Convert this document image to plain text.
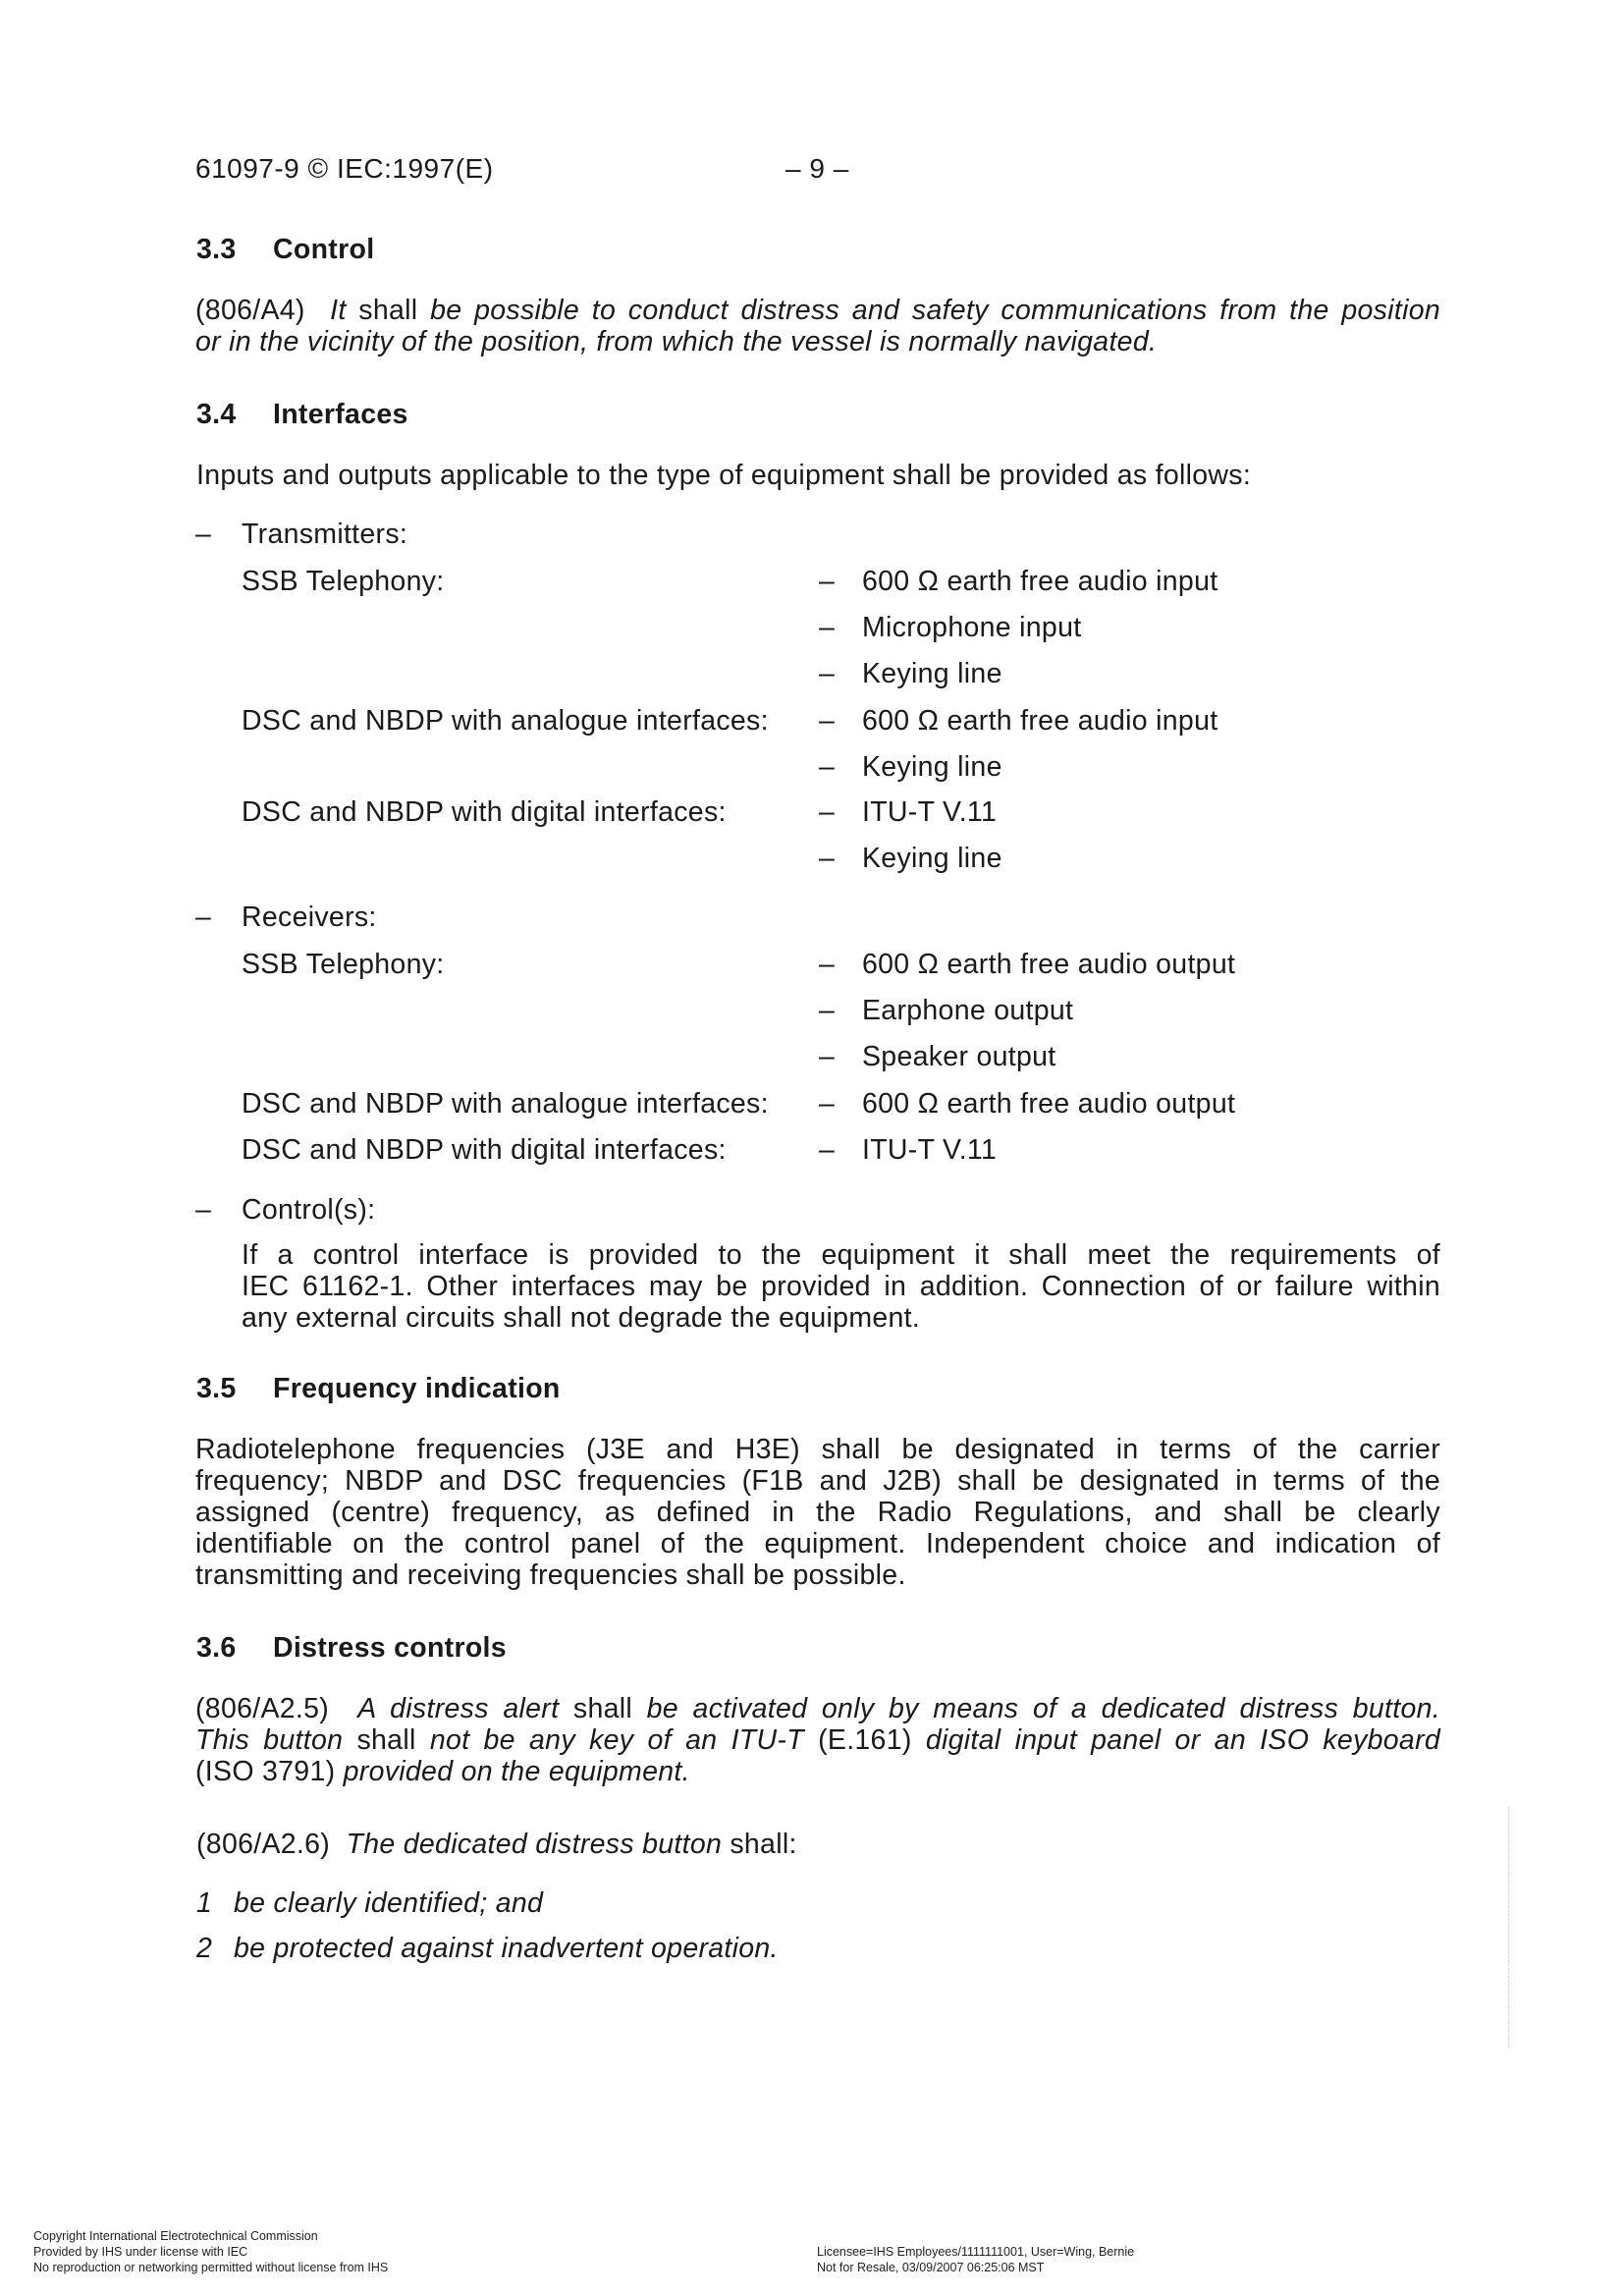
61097-9 © IEC:1997(E)	– 9 –
3.3 Control
(806/A4) It shall be possible to conduct distress and safety communications from the position
or in the vicinity of the position, from which the vessel is normally navigated.
3.4 Interfaces
Inputs and outputs applicable to the type of equipment shall be provided as follows:
– Transmitters:
SSB Telephony:	– 600 Ω earth free audio input
– Microphone input
– Keying line
DSC and NBDP with analogue interfaces: – 600 Ω earth free audio input
– Keying line
DSC and NBDP with digital interfaces:	– ITU-T V.11
– Keying line
– Receivers:
SSB Telephony:	– 600 Ω earth free audio output
– Earphone output
– Speaker output
DSC and NBDP with analogue interfaces: – 600 Ω earth free audio output
DSC and NBDP with digital interfaces:	– ITU-T V.11
– Control(s):
If a control interface is provided to the equipment it shall meet the requirements of
IEC 61162-1. Other interfaces may be provided in addition. Connection of or failure within
any external circuits shall not degrade the equipment.
3.5 Frequency indication
Radiotelephone frequencies (J3E and H3E) shall be designated in terms of the carrier
frequency; NBDP and DSC frequencies (F1B and J2B) shall be designated in terms of the
assigned (centre) frequency, as defined in the Radio Regulations, and shall be clearly
identifiable on the control panel of the equipment. Independent choice and indication of
transmitting and receiving frequencies shall be possible.
3.6 Distress controls
(806/A2.5) A distress alert shall be activated only by means of a dedicated distress button.
This button shall not be any key of an ITU-T (E.161) digital input panel or an ISO keyboard
(ISO 3791) provided on the equipment.
(806/A2.6) The dedicated distress button shall:
1 be clearly identified; and
2 be protected against inadvertent operation.
Copyright International Electrotechnical Commission
Provided by IHS under license with IEC
No reproduction or networking permitted without license from IHS
Licensee=IHS Employees/1111111001, User=Wing, Bernie
Not for Resale, 03/09/2007 06:25:06 MST
